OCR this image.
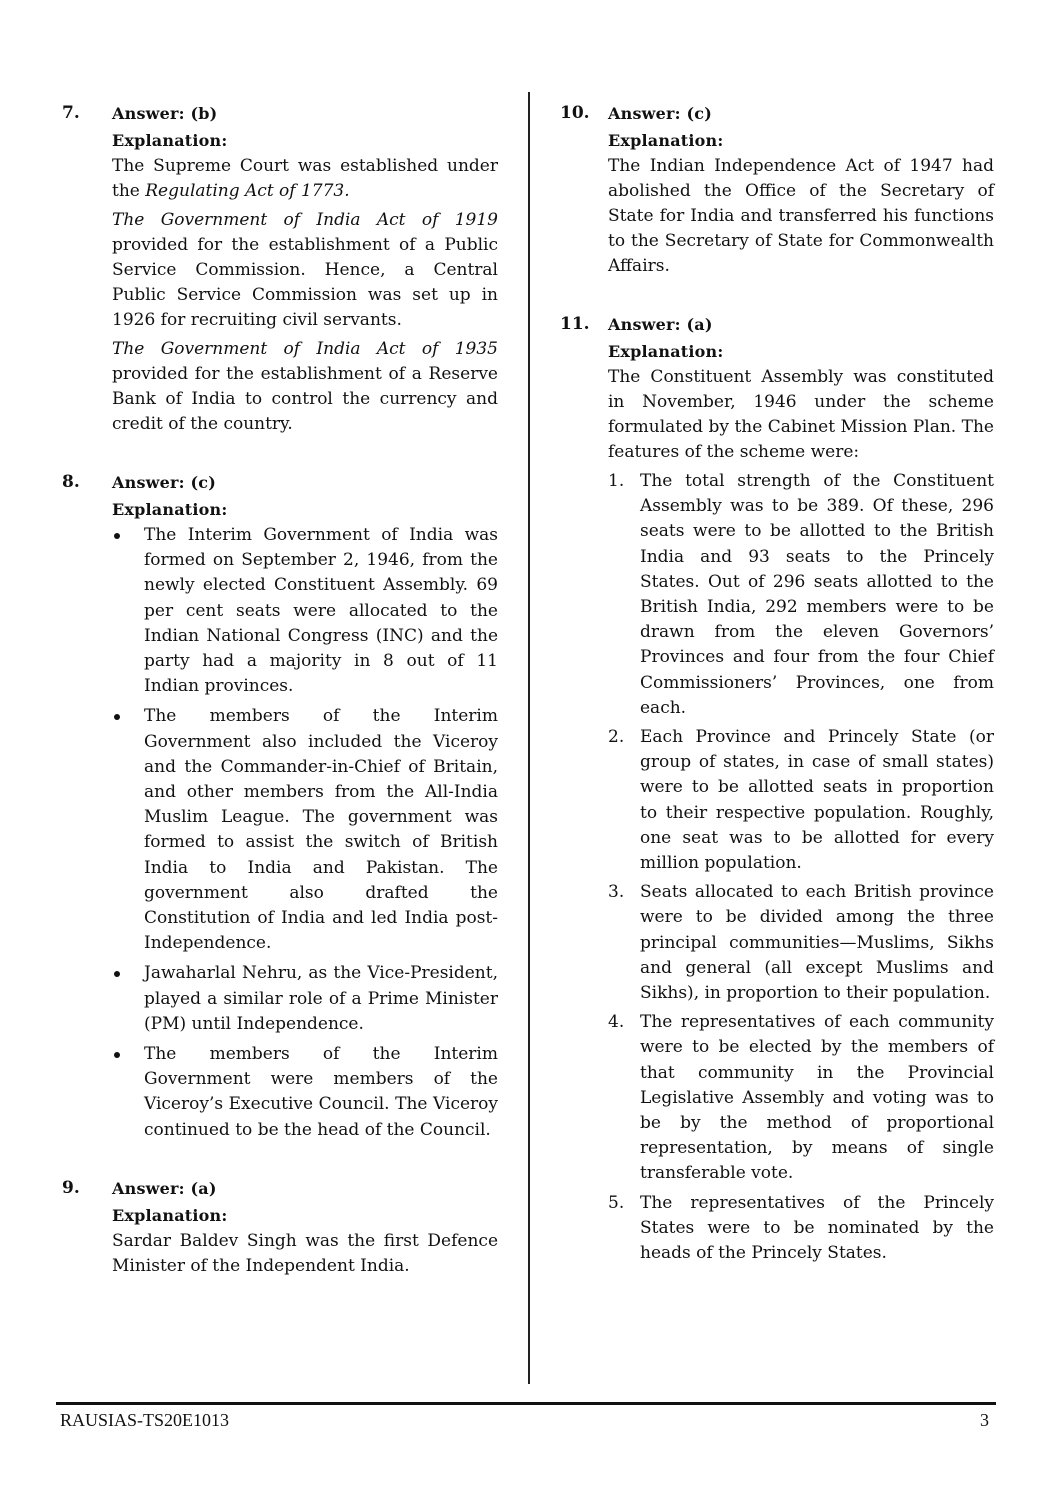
7. Answer: (b)
Explanation:

The Supreme Court was established under the Regulating Act of 1773.

The Government of India Act of 1919 provided for the establishment of a Public Service Commission. Hence, a Central Public Service Commission was set up in 1926 for recruiting civil servants.

The Government of India Act of 1935 provided for the establishment of a Reserve Bank of India to control the currency and credit of the country.

8. Answer: (c)
Explanation:
The Interim Government of India was formed on September 2, 1946, from the newly elected Constituent Assembly. 69 per cent seats were allocated to the Indian National Congress (INC) and the party had a majority in 8 out of 11 Indian provinces.
The members of the Interim Government also included the Viceroy and the Commander-in-Chief of Britain, and other members from the All-India Muslim League. The government was formed to assist the switch of British India to India and Pakistan. The government also drafted the Constitution of India and led India post-Independence.
Jawaharlal Nehru, as the Vice-President, played a similar role of a Prime Minister (PM) until Independence.
The members of the Interim Government were members of the Viceroy’s Executive Council. The Viceroy continued to be the head of the Council.
9. Answer: (a)
Explanation:

Sardar Baldev Singh was the first Defence Minister of the Independent India.

10. Answer: (c)
Explanation:

The Indian Independence Act of 1947 had abolished the Office of the Secretary of State for India and transferred his functions to the Secretary of State for Commonwealth Affairs.

11. Answer: (a)
Explanation:

The Constituent Assembly was constituted in November, 1946 under the scheme formulated by the Cabinet Mission Plan. The features of the scheme were:

1. The total strength of the Constituent Assembly was to be 389. Of these, 296 seats were to be allotted to the British India and 93 seats to the Princely States. Out of 296 seats allotted to the British India, 292 members were to be drawn from the eleven Governors’ Provinces and four from the four Chief Commissioners’ Provinces, one from each.
2. Each Province and Princely State (or group of states, in case of small states) were to be allotted seats in proportion to their respective population. Roughly, one seat was to be allotted for every million population.
3. Seats allocated to each British province were to be divided among the three principal communities—Muslims, Sikhs and general (all except Muslims and Sikhs), in proportion to their population.
4. The representatives of each community were to be elected by the members of that community in the Provincial Legislative Assembly and voting was to be by the method of proportional representation, by means of single transferable vote.
5. The representatives of the Princely States were to be nominated by the heads of the Princely States.
RAUSIAS-TS20E1013	3
